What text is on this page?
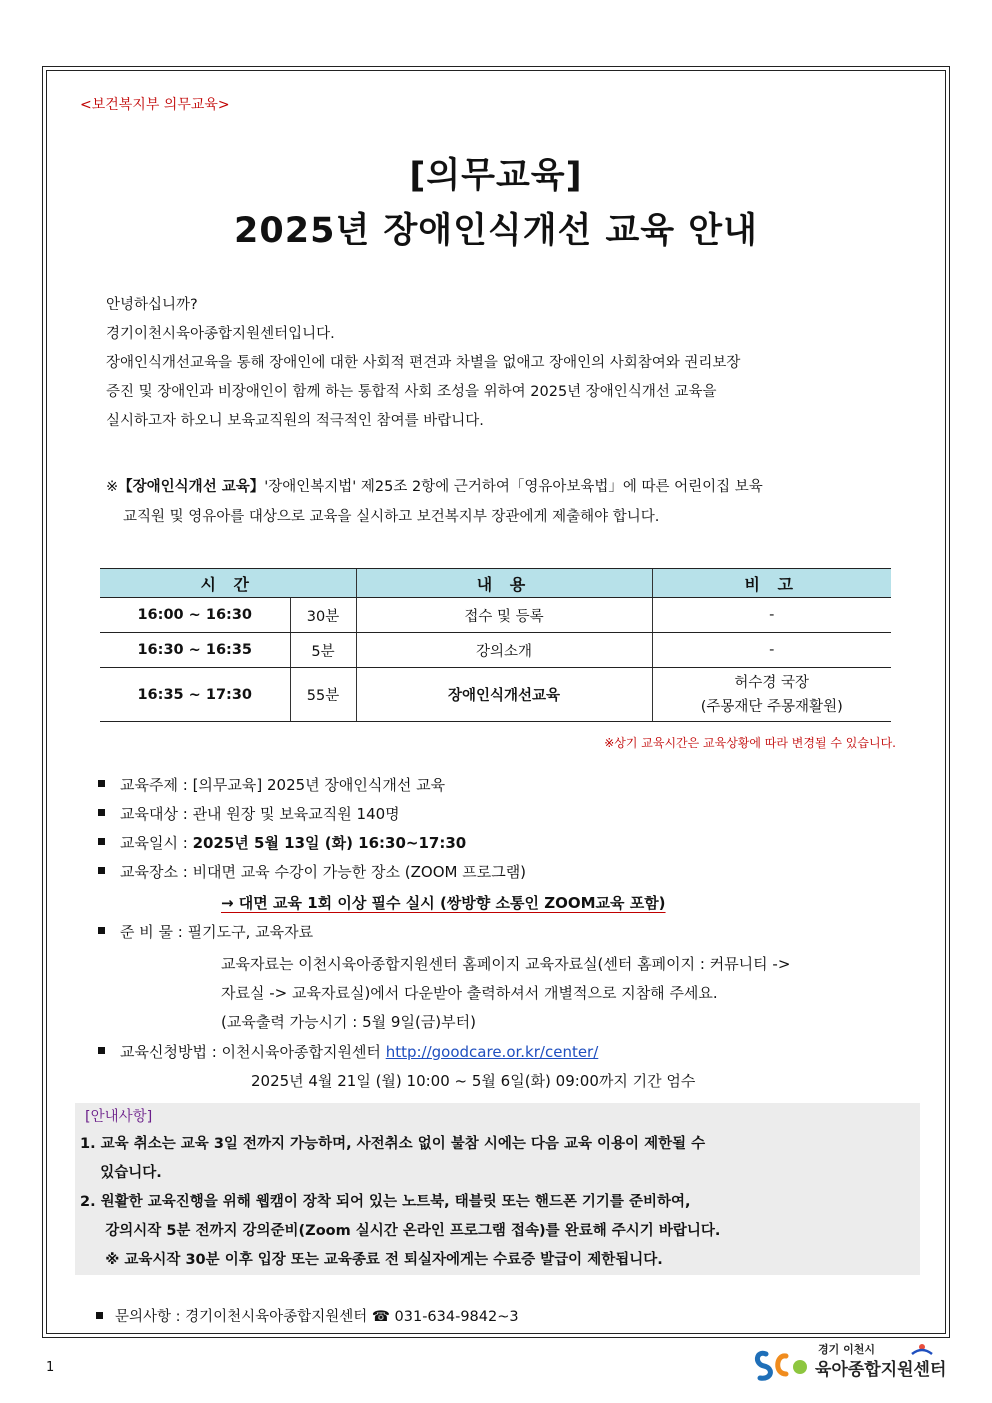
<보건복지부 의무교육>
[의무교육]
2025년 장애인식개선 교육 안내

안녕하십니까?

경기이천시육아종합지원센터입니다.

장애인식개선교육을 통해 장애인에 대한 사회적 편견과 차별을 없애고 장애인의 사회참여와 권리보장

증진 및 장애인과 비장애인이 함께 하는 통합적 사회 조성을 위하여 2025년 장애인식개선 교육을

실시하고자 하오니 보육교직원의 적극적인 참여를 바랍니다.

※【장애인식개선 교육】'장애인복지법' 제25조 2항에 근거하여「영유아보육법」에 따른 어린이집 보육

교직원 및 영유아를 대상으로 교육을 실시하고 보건복지부 장관에게 제출해야 합니다.

시 간		내 용	비 고
16:00 ~ 16:30	30분	접수 및 등록	-
16:30 ~ 16:35	5분	강의소개	-
16:35 ~ 17:30	55분	장애인식개선교육	허수경 국장
(주몽재단 주몽재활원)
※상기 교육시간은 교육상황에 따라 변경될 수 있습니다.
교육주제 : [의무교육] 2025년 장애인식개선 교육
교육대상 : 관내 원장 및 보육교직원 140명
교육일시 : 2025년 5월 13일 (화) 16:30~17:30
교육장소 : 비대면 교육 수강이 가능한 장소 (ZOOM 프로그램)
→ 대면 교육 1회 이상 필수 실시 (쌍방향 소통인 ZOOM교육 포함)
준 비 물 : 필기도구, 교육자료
교육자료는 이천시육아종합지원센터 홈페이지 교육자료실(센터 홈페이지 : 커뮤니티 ->
자료실 -> 교육자료실)에서 다운받아 출력하셔서 개별적으로 지참해 주세요.
(교육출력 가능시기 : 5월 9일(금)부터)
교육신청방법 : 이천시육아종합지원센터 http://goodcare.or.kr/center/
2025년 4월 21일 (월) 10:00 ~ 5월 6일(화) 09:00까지 기간 엄수
[안내사항]

1. 교육 취소는 교육 3일 전까지 가능하며, 사전취소 없이 불참 시에는 다음 교육 이용이 제한될 수

있습니다.

2. 원활한 교육진행을 위해 웹캠이 장착 되어 있는 노트북, 태블릿 또는 핸드폰 기기를 준비하여,

강의시작 5분 전까지 강의준비(Zoom 실시간 온라인 프로그램 접속)를 완료해 주시기 바랍니다.

※ 교육시작 30분 이후 입장 또는 교육종료 전 퇴실자에게는 수료증 발급이 제한됩니다.

문의사항 : 경기이천시육아종합지원센터 ☎ 031-634-9842~3
1
경기 이천시
육아종합지원센터
